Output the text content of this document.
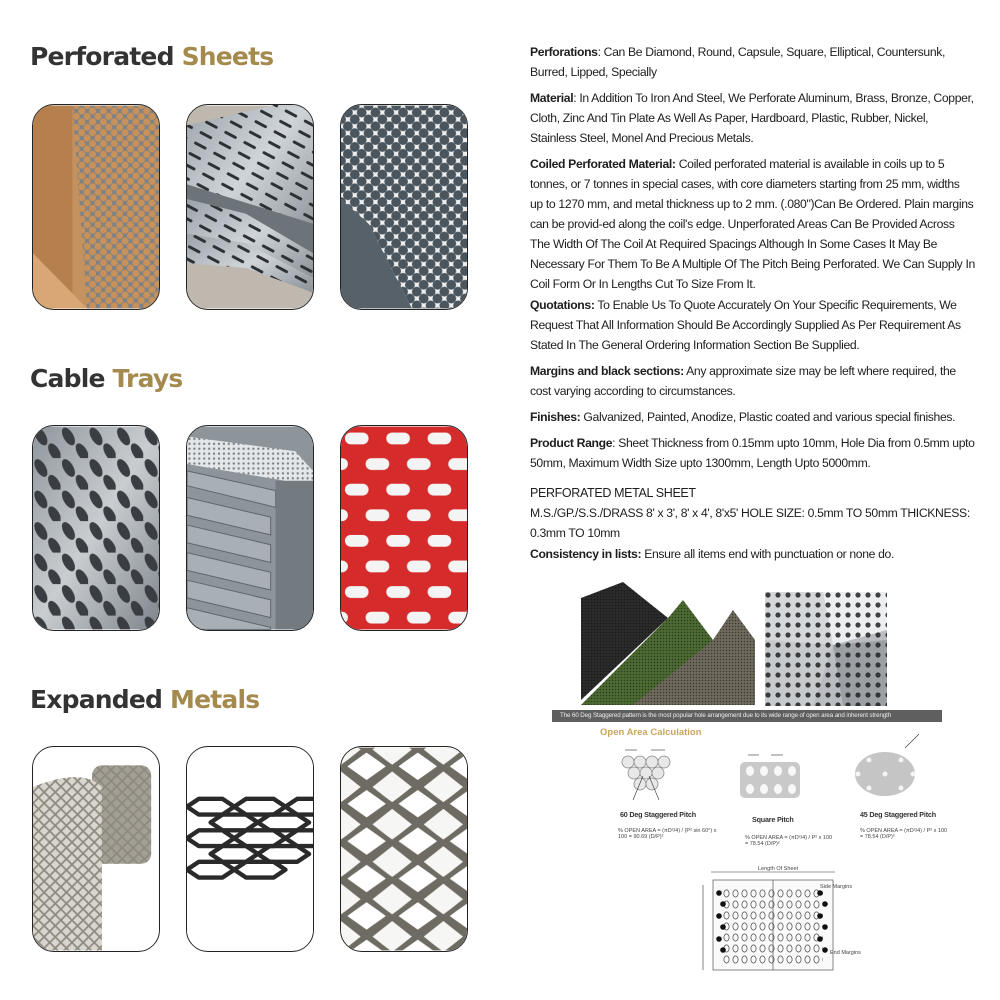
Perforated Sheets
Cable Trays
Expanded Metals

Perforations: Can Be Diamond, Round, Capsule, Square, Elliptical, Countersunk, Burred, Lipped, Specially

Material: In Addition To Iron And Steel, We Perforate Aluminum, Brass, Bronze, Copper, Cloth, Zinc And Tin Plate As Well As Paper, Hardboard, Plastic, Rubber, Nickel, Stainless Steel, Monel And Precious Metals.

Coiled Perforated Material: Coiled perforated material is available in coils up to 5 tonnes, or 7 tonnes in special cases, with core diameters starting from 25 mm, widths up to 1270 mm, and metal thickness up to 2 mm. (.080")Can Be Ordered. Plain margins can be provid-ed along the coil's edge. Unperforated Areas Can Be Provided Across The Width Of The Coil At Required Spacings Although In Some Cases It May Be Necessary For Them To Be A Multiple Of The Pitch Being Perforated. We Can Supply In Coil Form Or In Lengths Cut To Size From It.

Quotations: To Enable Us To Quote Accurately On Your Specific Requirements, We Request That All Information Should Be Accordingly Supplied As Per Requirement As Stated In The General Ordering Information Section Be Supplied.

Margins and black sections: Any approximate size may be left where required, the cost varying according to circumstances.

Finishes: Galvanized, Painted, Anodize, Plastic coated and various special finishes.

Product Range: Sheet Thickness from 0.15mm upto 10mm, Hole Dia from 0.5mm upto 50mm, Maximum Width Size upto 1300mm, Length Upto 5000mm.

PERFORATED METAL SHEET

M.S./GP./S.S./DRASS 8' x 3', 8' x 4', 8'x5' HOLE SIZE: 0.5mm TO 50mm THICKNESS: 0.3mm TO 10mm

Consistency in lists: Ensure all items end with punctuation or none do.

The 60 Deg Staggered pattern is the most popular hole arrangement due to its wide range of open area and inherent strength
Open Area Calculation
60 Deg Staggered Pitch
Square Pitch
45 Deg Staggered Pitch
% OPEN AREA = (πD²/4) / (P² sin 60°) x 100 = 90.69 (D/P)²	% OPEN AREA = (πD²/4) / P² x 100 = 78.54 (D/P)²
% OPEN AREA = (πD²/4) / P² x 100 = 78.54 (D/P)²
Length Of Sheet
Side Margins
End Margins
